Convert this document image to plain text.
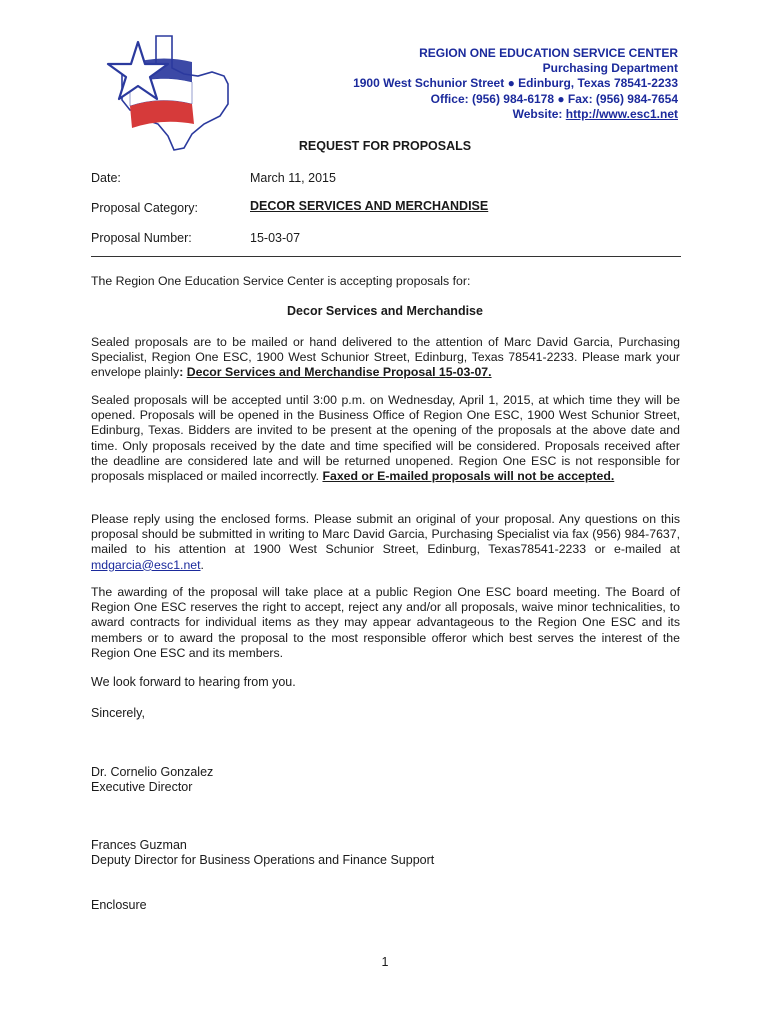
REGION ONE EDUCATION SERVICE CENTER
Purchasing Department
1900 West Schunior Street ● Edinburg, Texas 78541-2233
Office: (956) 984-6178 ● Fax: (956) 984-7654
Website: http://www.esc1.net
REQUEST FOR PROPOSALS
Date:	March 11, 2015
Proposal Category:	DECOR SERVICES AND MERCHANDISE
Proposal Number:	15-03-07
The Region One Education Service Center is accepting proposals for:
Decor Services and Merchandise
Sealed proposals are to be mailed or hand delivered to the attention of Marc David Garcia, Purchasing Specialist, Region One ESC, 1900 West Schunior Street, Edinburg, Texas 78541-2233. Please mark your envelope plainly: Decor Services and Merchandise Proposal 15-03-07.
Sealed proposals will be accepted until 3:00 p.m. on Wednesday, April 1, 2015, at which time they will be opened. Proposals will be opened in the Business Office of Region One ESC, 1900 West Schunior Street, Edinburg, Texas. Bidders are invited to be present at the opening of the proposals at the above date and time. Only proposals received by the date and time specified will be considered. Proposals received after the deadline are considered late and will be returned unopened. Region One ESC is not responsible for proposals misplaced or mailed incorrectly. Faxed or E-mailed proposals will not be accepted.
Please reply using the enclosed forms. Please submit an original of your proposal. Any questions on this proposal should be submitted in writing to Marc David Garcia, Purchasing Specialist via fax (956) 984-7637, mailed to his attention at 1900 West Schunior Street, Edinburg, Texas78541-2233 or e-mailed at mdgarcia@esc1.net.
The awarding of the proposal will take place at a public Region One ESC board meeting. The Board of Region One ESC reserves the right to accept, reject any and/or all proposals, waive minor technicalities, to award contracts for individual items as they may appear advantageous to the Region One ESC and its members or to award the proposal to the most responsible offeror which best serves the interest of the Region One ESC and its members.
We look forward to hearing from you.
Sincerely,
Dr. Cornelio Gonzalez
Executive Director
Frances Guzman
Deputy Director for Business Operations and Finance Support
Enclosure
1
